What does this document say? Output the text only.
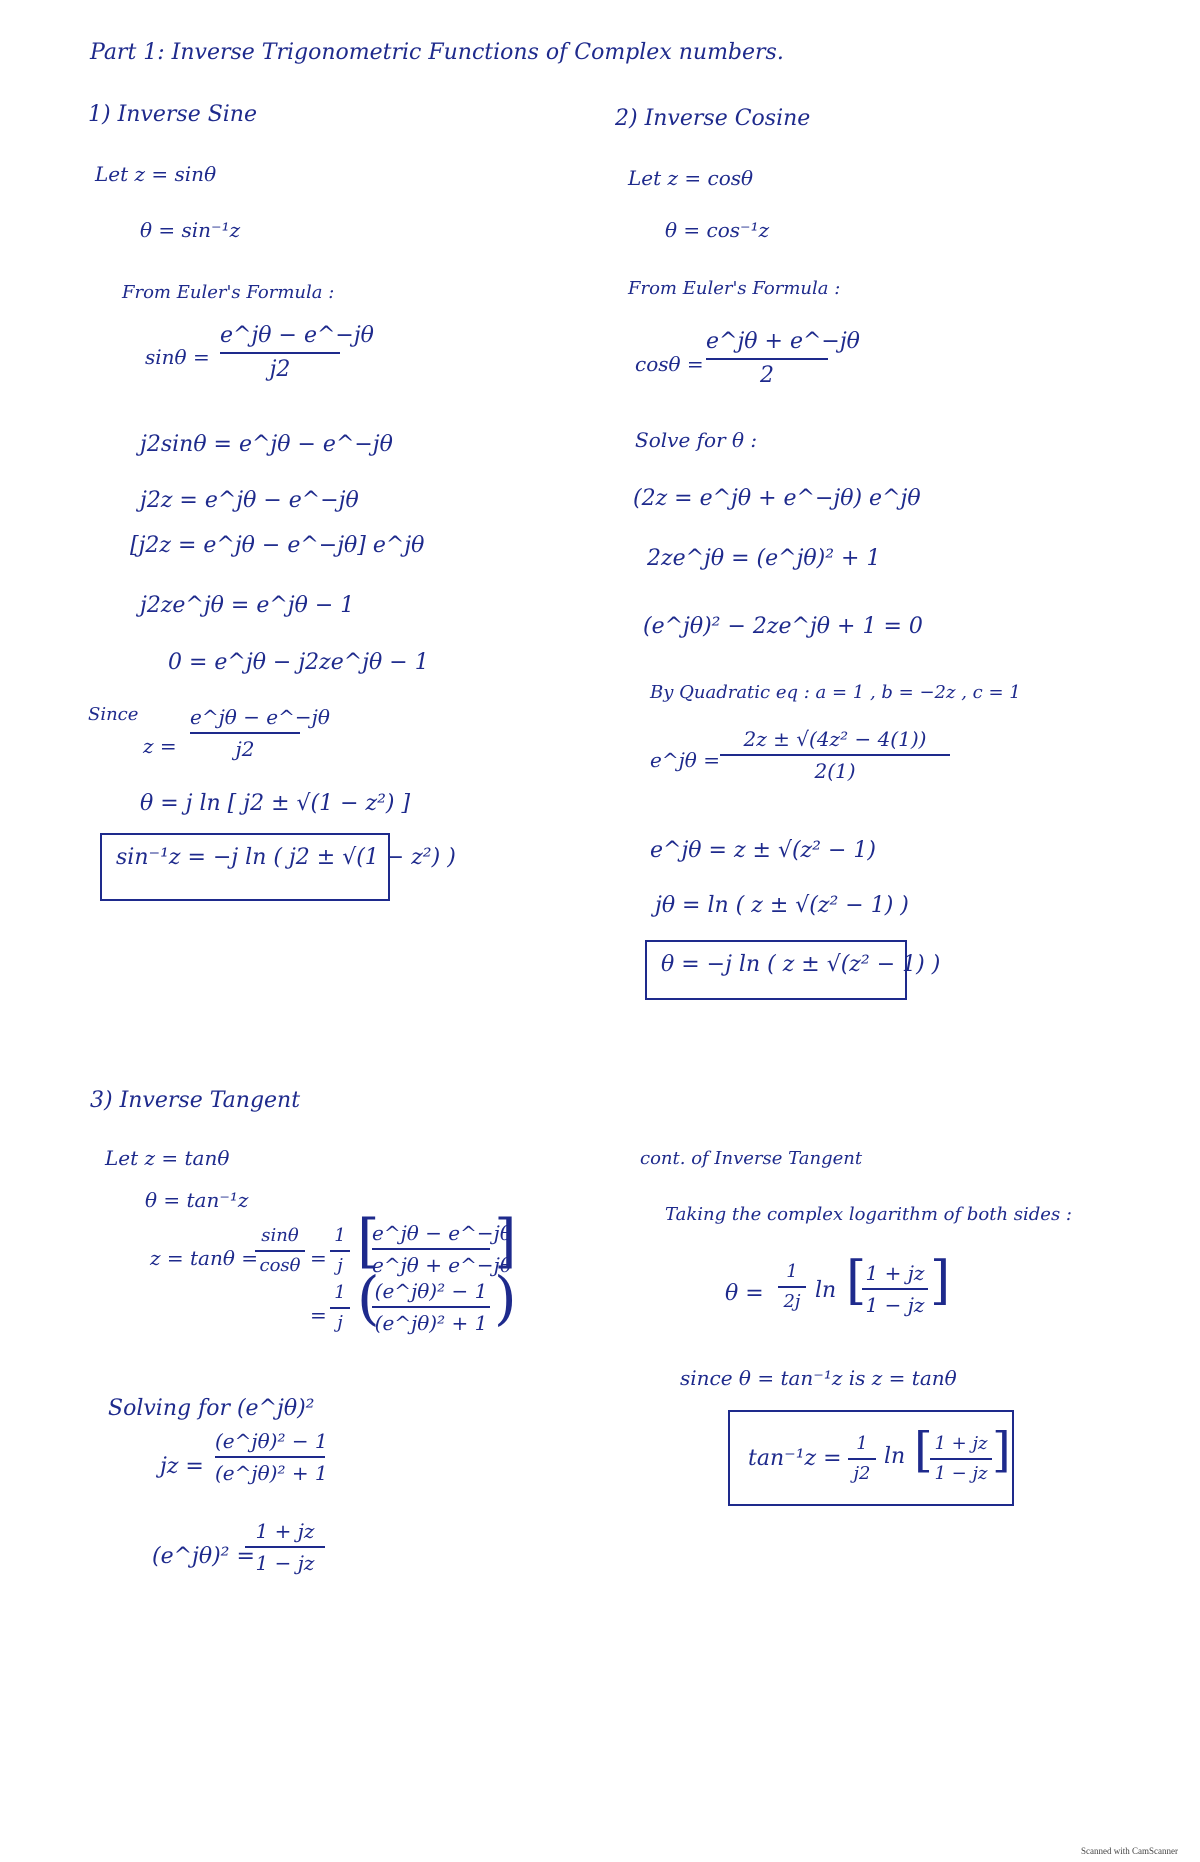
Part 1: Inverse Trigonometric Functions of Complex numbers.
1) Inverse Sine
Let z = sinθ
θ = sin⁻¹z
From Euler's Formula :
sinθ =
e^jθ − e^−jθ
j2
j2sinθ = e^jθ − e^−jθ
j2z = e^jθ − e^−jθ
[j2z = e^jθ − e^−jθ] e^jθ
j2ze^jθ = e^jθ − 1
0 = e^jθ − j2ze^jθ − 1
Since
z =
e^jθ − e^−jθ
j2
θ = j ln [ j2 ± √(1 − z²) ]
sin⁻¹z = −j ln ( j2 ± √(1 − z²) )
2) Inverse Cosine
Let z = cosθ
θ = cos⁻¹z
From Euler's Formula :
cosθ =
e^jθ + e^−jθ
2
Solve for θ :
(2z = e^jθ + e^−jθ) e^jθ
2ze^jθ = (e^jθ)² + 1
(e^jθ)² − 2ze^jθ + 1 = 0
By Quadratic eq : a = 1 , b = −2z , c = 1
e^jθ =
2z ± √(4z² − 4(1))
2(1)
e^jθ = z ± √(z² − 1)
jθ = ln ( z ± √(z² − 1) )
θ = −j ln ( z ± √(z² − 1) )
3) Inverse Tangent
Let z = tanθ
θ = tan⁻¹z
z = tanθ =
sinθ
cosθ =
1
j [
e^jθ − e^−jθ
e^jθ + e^−jθ
]
=
1
j (
(e^jθ)² − 1
(e^jθ)² + 1 )
Solving for (e^jθ)²
jz =
(e^jθ)² − 1
(e^jθ)² + 1
(e^jθ)² =
1 + jz
1 − jz
cont. of Inverse Tangent
Taking the complex logarithm of both sides :
θ =
1
2j ln [ 1 + jz
1 − jz ]
since θ = tan⁻¹z is z = tanθ
tan⁻¹z =
1
j2
ln [ 1 + jz
1 − jz ]
Scanned with CamScanner
